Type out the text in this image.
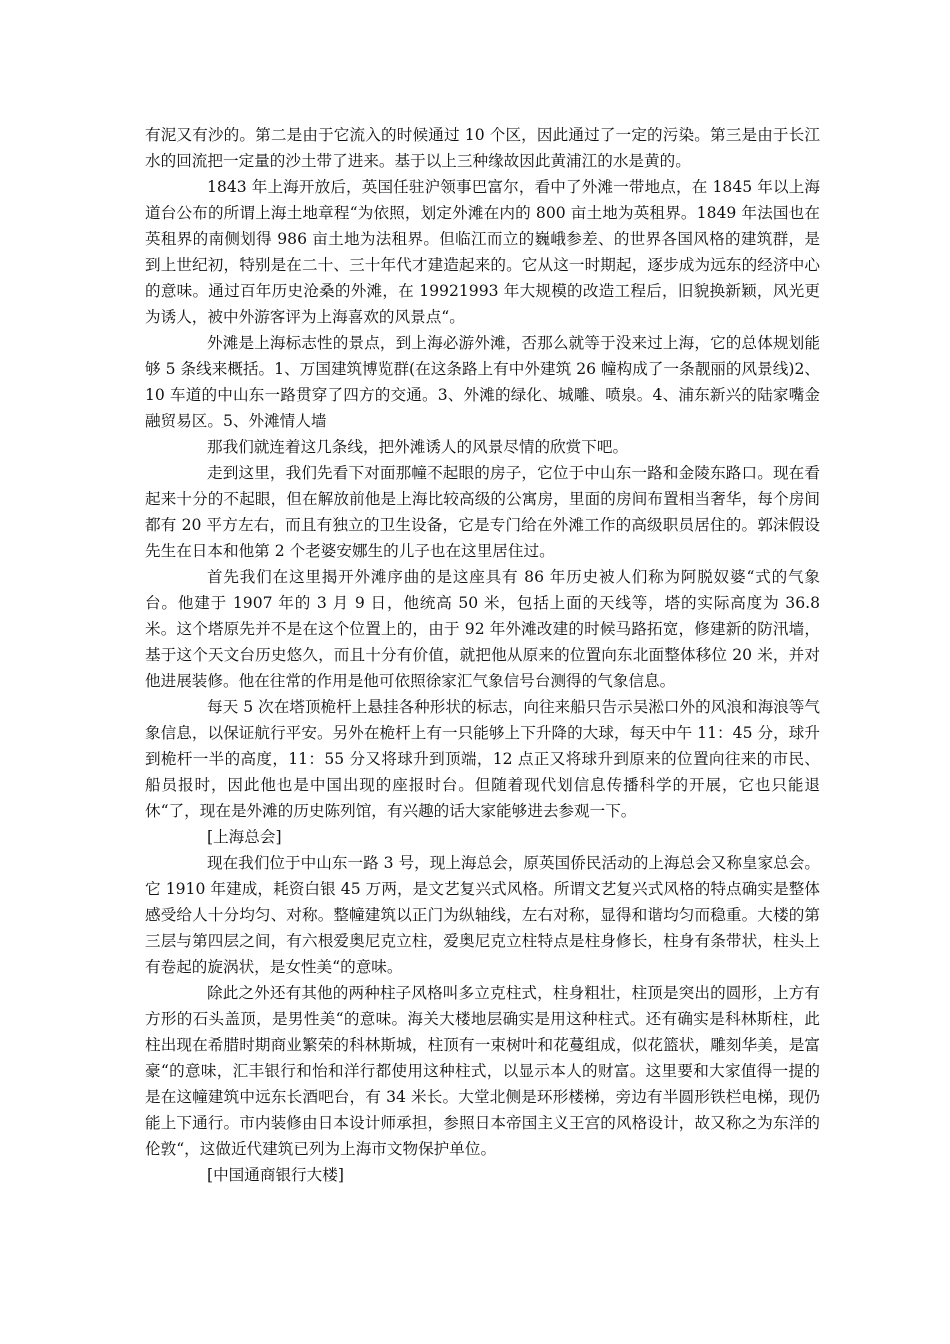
有泥又有沙的。第二是由于它流入的时候通过 10 个区，因此通过了一定的污染。第三是由于长江水的回流把一定量的沙土带了进来。基于以上三种缘故因此黄浦江的水是黄的。

1843 年上海开放后，英国任驻沪领事巴富尔，看中了外滩一带地点，在 1845 年以上海道台公布的所谓上海土地章程“为依照，划定外滩在内的 800 亩土地为英租界。1849 年法国也在英租界的南侧划得 986 亩土地为法租界。但临江而立的巍峨参差、的世界各国风格的建筑群，是到上世纪初，特别是在二十、三十年代才建造起来的。它从这一时期起，逐步成为远东的经济中心的意味。通过百年历史沧桑的外滩，在 19921993 年大规模的改造工程后，旧貌换新颖，风光更为诱人，被中外游客评为上海喜欢的风景点“。

外滩是上海标志性的景点，到上海必游外滩，否那么就等于没来过上海，它的总体规划能够 5 条线来概括。1、万国建筑博览群(在这条路上有中外建筑 26 幢构成了一条靓丽的风景线)2、10 车道的中山东一路贯穿了四方的交通。3、外滩的绿化、城雕、喷泉。4、浦东新兴的陆家嘴金融贸易区。5、外滩情人墙

那我们就连着这几条线，把外滩诱人的风景尽情的欣赏下吧。

走到这里，我们先看下对面那幢不起眼的房子，它位于中山东一路和金陵东路口。现在看起来十分的不起眼，但在解放前他是上海比较高级的公寓房，里面的房间布置相当奢华，每个房间都有 20 平方左右，而且有独立的卫生设备，它是专门给在外滩工作的高级职员居住的。郭沫假设先生在日本和他第 2 个老婆安娜生的儿子也在这里居住过。

首先我们在这里揭开外滩序曲的是这座具有 86 年历史被人们称为阿脱奴婆“式的气象台。他建于 1907 年的 3 月 9 日，他统高 50 米，包括上面的天线等，塔的实际高度为 36.8 米。这个塔原先并不是在这个位置上的，由于 92 年外滩改建的时候马路拓宽，修建新的防汛墙，基于这个天文台历史悠久，而且十分有价值，就把他从原来的位置向东北面整体移位 20 米，并对他进展装修。他在往常的作用是他可依照徐家汇气象信号台测得的气象信息。

每天 5 次在塔顶桅杆上悬挂各种形状的标志，向往来船只告示吴淞口外的风浪和海浪等气象信息，以保证航行平安。另外在桅杆上有一只能够上下升降的大球，每天中午 11：45 分，球升到桅杆一半的高度，11：55 分又将球升到顶端，12 点正又将球升到原来的位置向往来的市民、船员报时，因此他也是中国出现的座报时台。但随着现代划信息传播科学的开展，它也只能退休“了，现在是外滩的历史陈列馆，有兴趣的话大家能够进去参观一下。

[上海总会]

现在我们位于中山东一路 3 号，现上海总会，原英国侨民活动的上海总会又称皇家总会。它 1910 年建成，耗资白银 45 万两，是文艺复兴式风格。所谓文艺复兴式风格的特点确实是整体感受给人十分均匀、对称。整幢建筑以正门为纵轴线，左右对称，显得和谐均匀而稳重。大楼的第三层与第四层之间，有六根爱奥尼克立柱，爱奥尼克立柱特点是柱身修长，柱身有条带状，柱头上有卷起的旋涡状，是女性美“的意味。

除此之外还有其他的两种柱子风格叫多立克柱式，柱身粗壮，柱顶是突出的圆形，上方有方形的石头盖顶，是男性美“的意味。海关大楼地层确实是用这种柱式。还有确实是科林斯柱，此柱出现在希腊时期商业繁荣的科林斯城，柱顶有一束树叶和花蔓组成，似花篮状，雕刻华美，是富豪“的意味，汇丰银行和怡和洋行都使用这种柱式，以显示本人的财富。这里要和大家值得一提的是在这幢建筑中远东长酒吧台，有 34 米长。大堂北侧是环形楼梯，旁边有半圆形铁栏电梯，现仍能上下通行。市内装修由日本设计师承担，参照日本帝国主义王宫的风格设计，故又称之为东洋的伦敦“，这做近代建筑已列为上海市文物保护单位。

[中国通商银行大楼]
